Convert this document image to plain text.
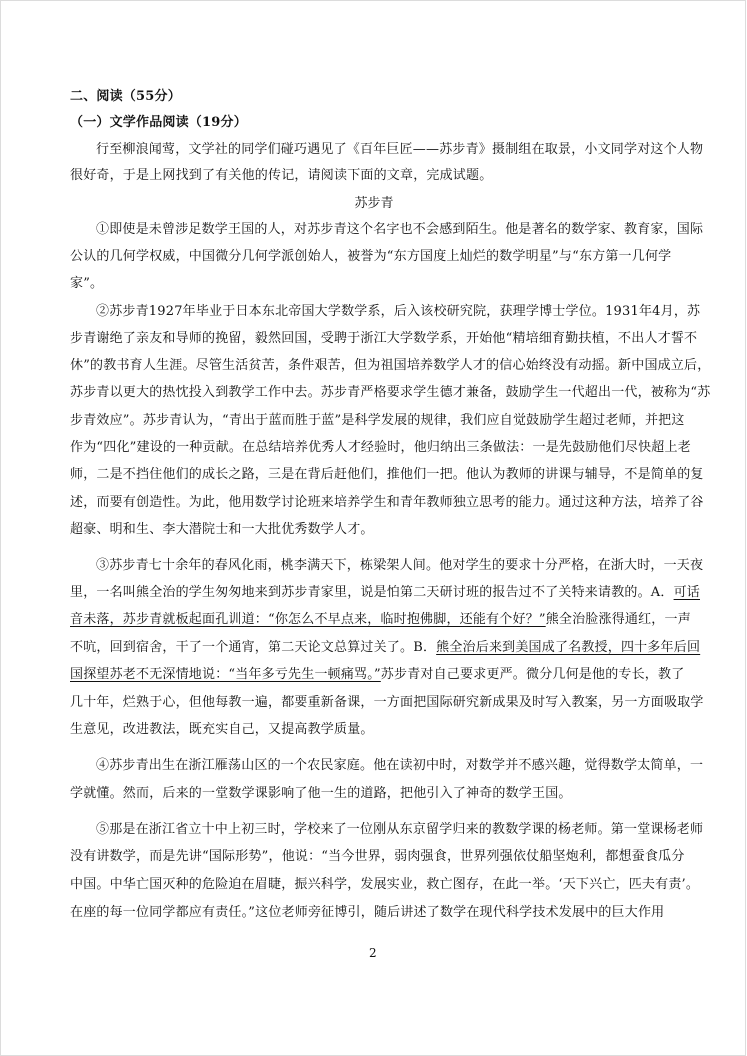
二、阅读（55分）
（一）文学作品阅读（19分）
行至柳浪闻莺，文学社的同学们碰巧遇见了《百年巨匠——苏步青》摄制组在取景，小文同学对这个人物
很好奇，于是上网找到了有关他的传记，请阅读下面的文章，完成试题。
苏步青
①即使是未曾涉足数学王国的人，对苏步青这个名字也不会感到陌生。他是著名的数学家、教育家，国际
公认的几何学权威，中国微分几何学派创始人，被誉为“东方国度上灿烂的数学明星”与“东方第一几何学
家”。
②苏步青1927年毕业于日本东北帝国大学数学系，后入该校研究院，获理学博士学位。1931年4月，苏
步青谢绝了亲友和导师的挽留，毅然回国，受聘于浙江大学数学系，开始他“精培细育勤扶植，不出人才誓不
休”的教书育人生涯。尽管生活贫苦，条件艰苦，但为祖国培养数学人才的信心始终没有动摇。新中国成立后，
苏步青以更大的热忱投入到教学工作中去。苏步青严格要求学生德才兼备，鼓励学生一代超出一代，被称为“苏
步青效应”。苏步青认为，“青出于蓝而胜于蓝”是科学发展的规律，我们应自觉鼓励学生超过老师，并把这
作为“四化”建设的一种贡献。在总结培养优秀人才经验时，他归纳出三条做法：一是先鼓励他们尽快超上老
师，二是不挡住他们的成长之路，三是在背后赶他们，推他们一把。他认为教师的讲课与辅导，不是简单的复
述，而要有创造性。为此，他用数学讨论班来培养学生和青年教师独立思考的能力。通过这种方法，培养了谷
超豪、明和生、李大潜院士和一大批优秀数学人才。
③苏步青七十余年的春风化雨，桃李满天下，栋梁架人间。他对学生的要求十分严格，在浙大时，一天夜
里，一名叫熊全治的学生匆匆地来到苏步青家里，说是怕第二天研讨班的报告过不了关特来请教的。A．可话
音未落，苏步青就板起面孔训道：“你怎么不早点来，临时抱佛脚，还能有个好？”熊全治脸涨得通红，一声
不吭，回到宿舍，干了一个通宵，第二天论文总算过关了。B．熊全治后来到美国成了名教授，四十多年后回
国探望苏老不无深情地说：“当年多亏先生一顿痛骂。”苏步青对自己要求更严。微分几何是他的专长，教了
几十年，烂熟于心，但他每教一遍，都要重新备课，一方面把国际研究新成果及时写入教案，另一方面吸取学
生意见，改进教法，既充实自己，又提高教学质量。
④苏步青出生在浙江雁荡山区的一个农民家庭。他在读初中时，对数学并不感兴趣，觉得数学太简单，一
学就懂。然而，后来的一堂数学课影响了他一生的道路，把他引入了神奇的数学王国。
⑤那是在浙江省立十中上初三时，学校来了一位刚从东京留学归来的教数学课的杨老师。第一堂课杨老师
没有讲数学，而是先讲“国际形势”，他说：“当今世界，弱肉强食，世界列强依仗船坚炮利，都想蚕食瓜分
中国。中华亡国灭种的危险迫在眉睫，振兴科学，发展实业，救亡图存，在此一举。‘天下兴亡，匹夫有责’。
在座的每一位同学都应有责任。”这位老师旁征博引，随后讲述了数学在现代科学技术发展中的巨大作用
2
